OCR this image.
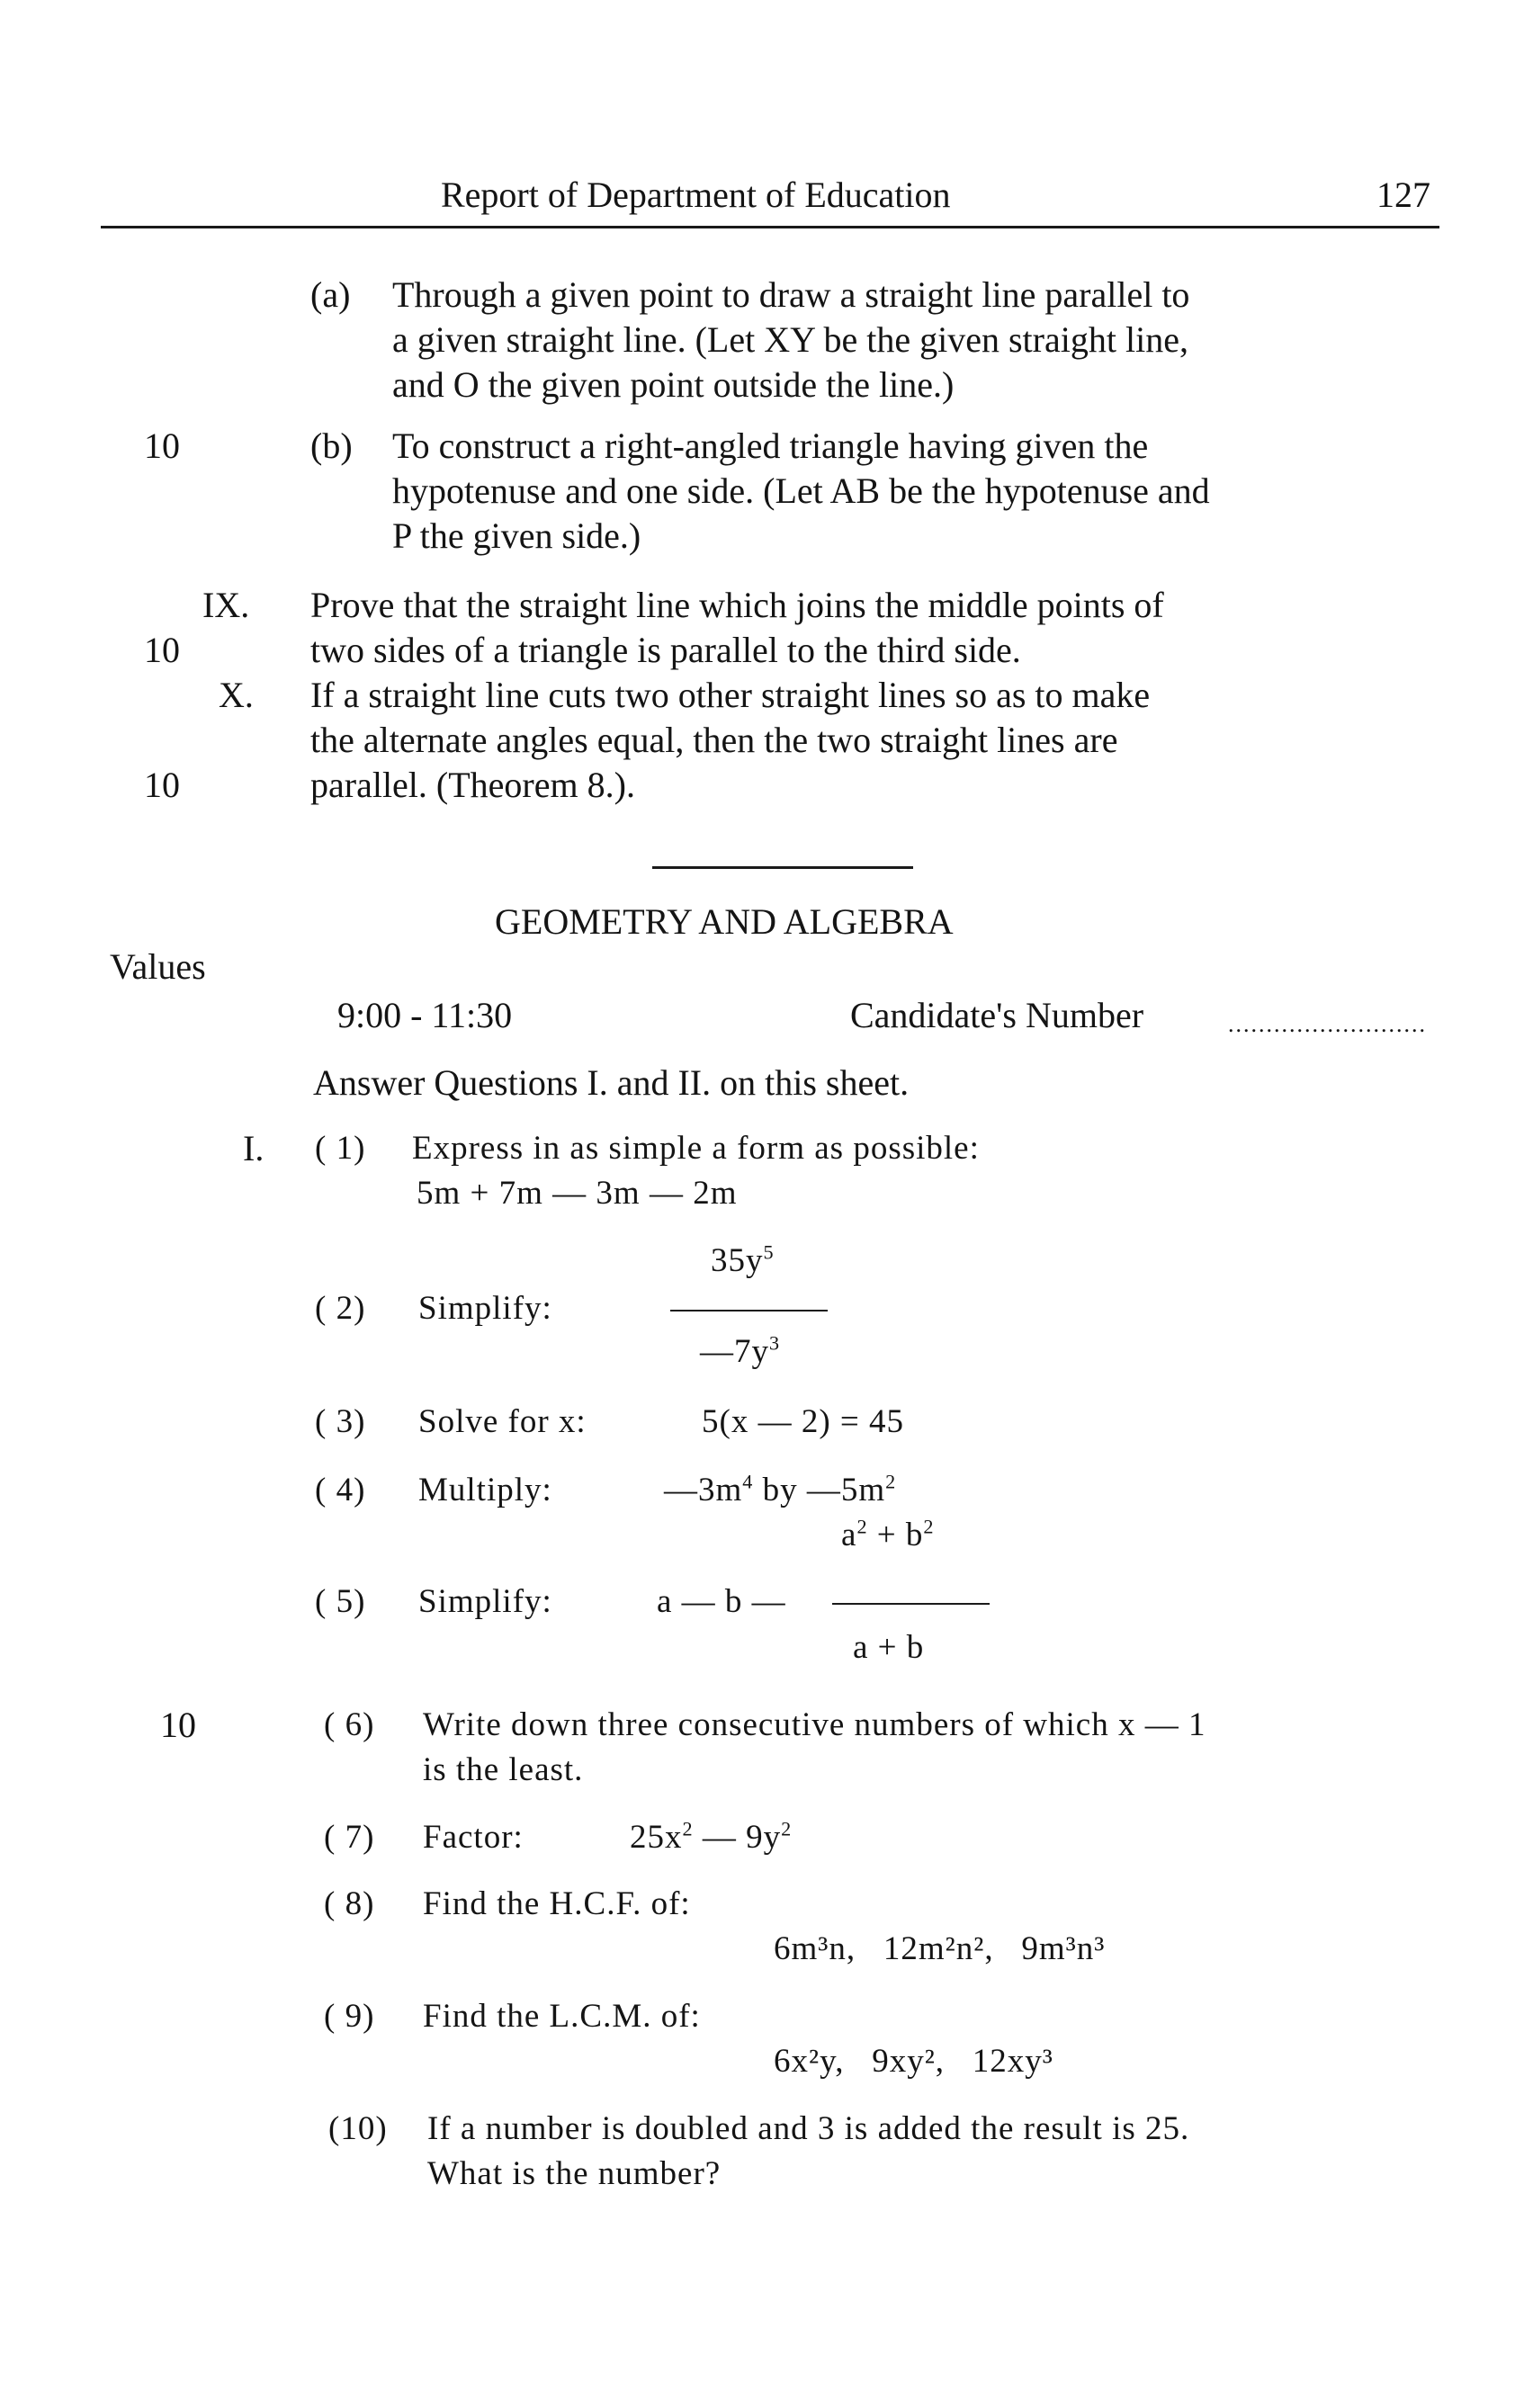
Report of Department of Education	127
(a) Through a given point to draw a straight line parallel to
a given straight line. (Let XY be the given straight line,
and O the given point outside the line.)
10	(b) To construct a right-angled triangle having given the
hypotenuse and one side. (Let AB be the hypotenuse and
P the given side.)
IX. Prove that the straight line which joins the middle points of
10	two sides of a triangle is parallel to the third side.
X. If a straight line cuts two other straight lines so as to make
the alternate angles equal, then the two straight lines are
10	parallel. (Theorem 8.).
GEOMETRY AND ALGEBRA
Values
9:00 - 11:30	Candidate's Number	..........................
Answer Questions I. and II. on this sheet.
I. ( 1) Express in as simple a form as possible:
5m + 7m — 3m — 2m
$35y^5$
( 2) Simplify:
$—7y^3$
( 3) Solve for x:	5(x — 2) = 45
( 4) Multiply:	$—3m^4$ by $—5m^2$
$a^2 + b^2$
( 5) Simplify:	a — b —
a + b
10	( 6) Write down three consecutive numbers of which x — 1
is the least.
( 7) Factor:	$25x^2$ — $9y^2$
( 8) Find the H.C.F. of:
6m³n,   12m²n²,   9m³n³
( 9) Find the L.C.M. of:
6x²y,   9xy²,   12xy³
(10) If a number is doubled and 3 is added the result is 25.
What is the number?
